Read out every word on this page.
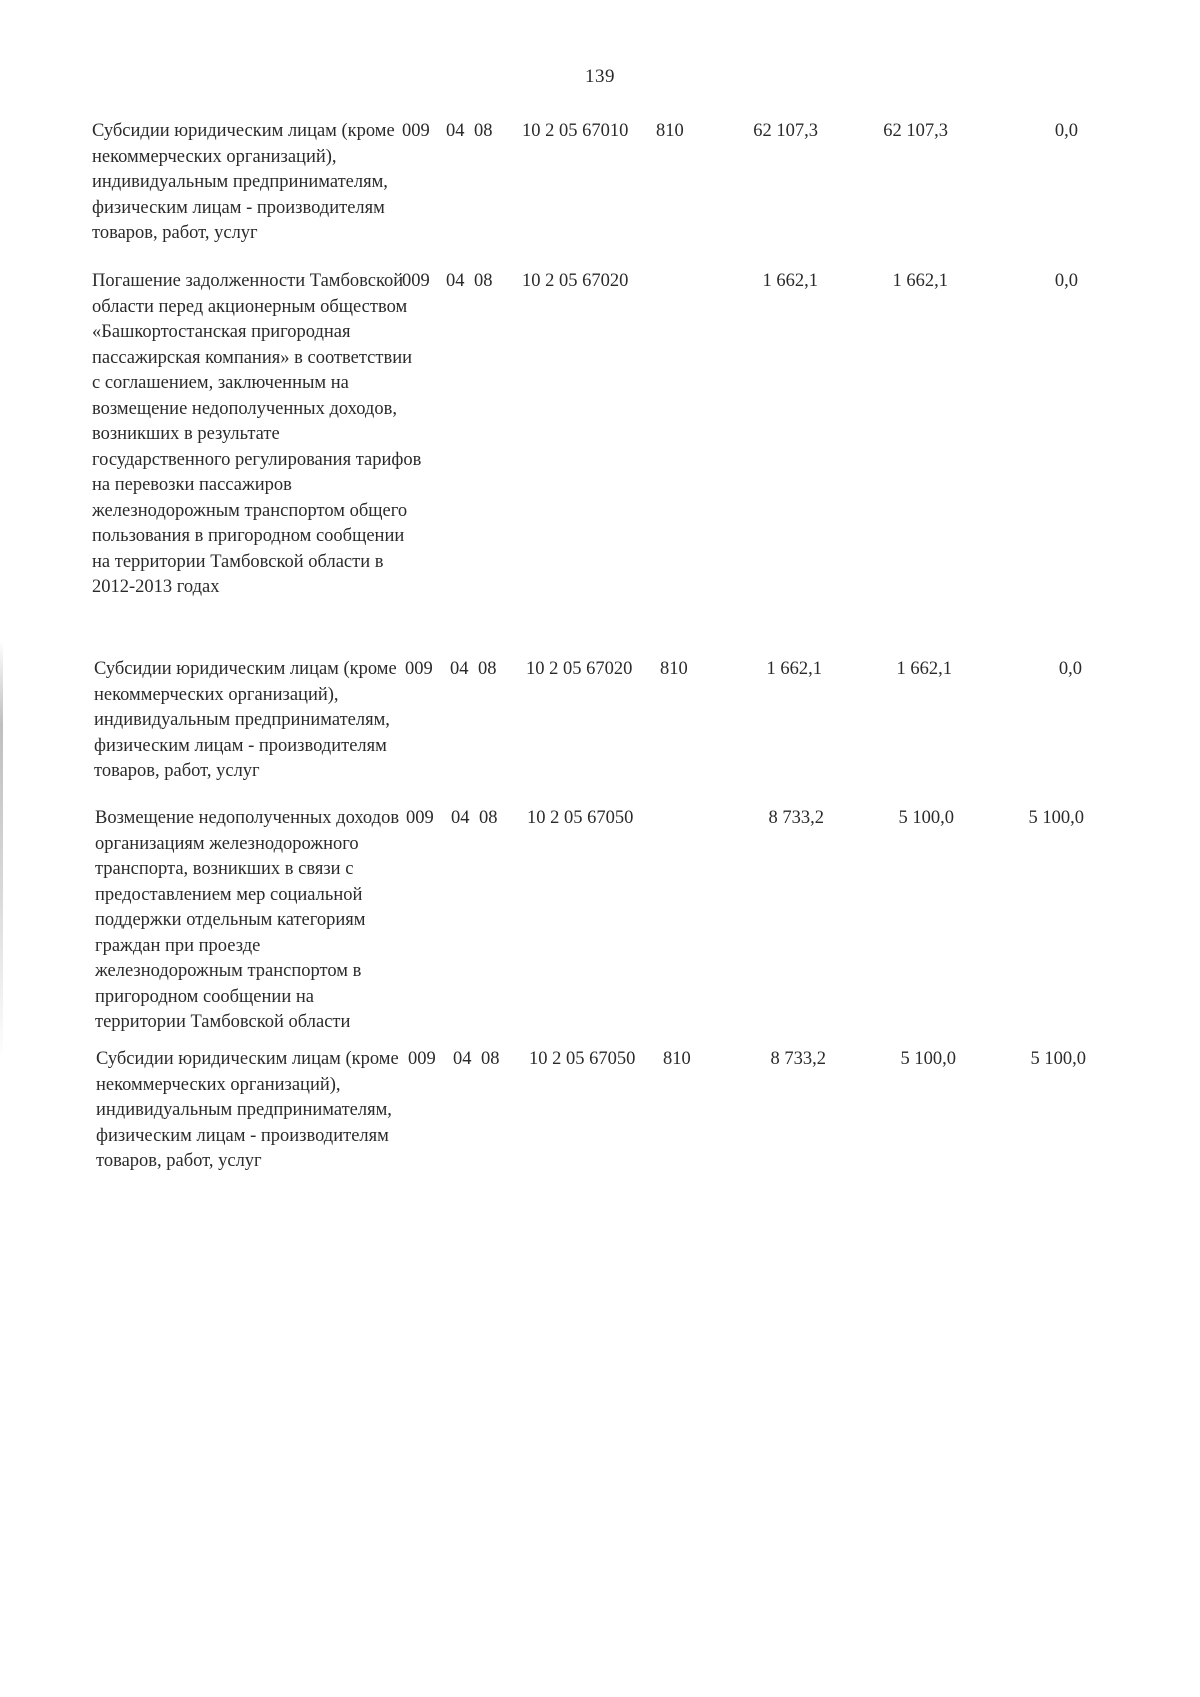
139
Субсидии юридическим лицам (кроме некоммерческих организаций), индивидуальным предпринимателям, физическим лицам - производителям товаров, работ, услуг
009 04 08 10 2 05 67010 810	62 107,3	62 107,3	0,0
Погашение задолженности Тамбовской области перед акционерным обществом «Башкортостанская пригородная пассажирская компания» в соответствии с соглашением, заключенным на возмещение недополученных доходов, возникших в результате государственного регулирования тарифов на перевозки пассажиров железнодорожным транспортом общего пользования в пригородном сообщении на территории Тамбовской области в 2012-2013 годах
009 04 08 10 2 05 67020	1 662,1	1 662,1	0,0
Субсидии юридическим лицам (кроме некоммерческих организаций), индивидуальным предпринимателям, физическим лицам - производителям товаров, работ, услуг
009 04 08 10 2 05 67020 810	1 662,1	1 662,1	0,0
Возмещение недополученных доходов организациям железнодорожного транспорта, возникших в связи с предоставлением мер социальной поддержки отдельным категориям граждан при проезде железнодорожным транспортом в пригородном сообщении на территории Тамбовской области
009 04 08 10 2 05 67050	8 733,2	5 100,0	5 100,0
Субсидии юридическим лицам (кроме некоммерческих организаций), индивидуальным предпринимателям, физическим лицам - производителям товаров, работ, услуг
009 04 08 10 2 05 67050 810	8 733,2	5 100,0	5 100,0
